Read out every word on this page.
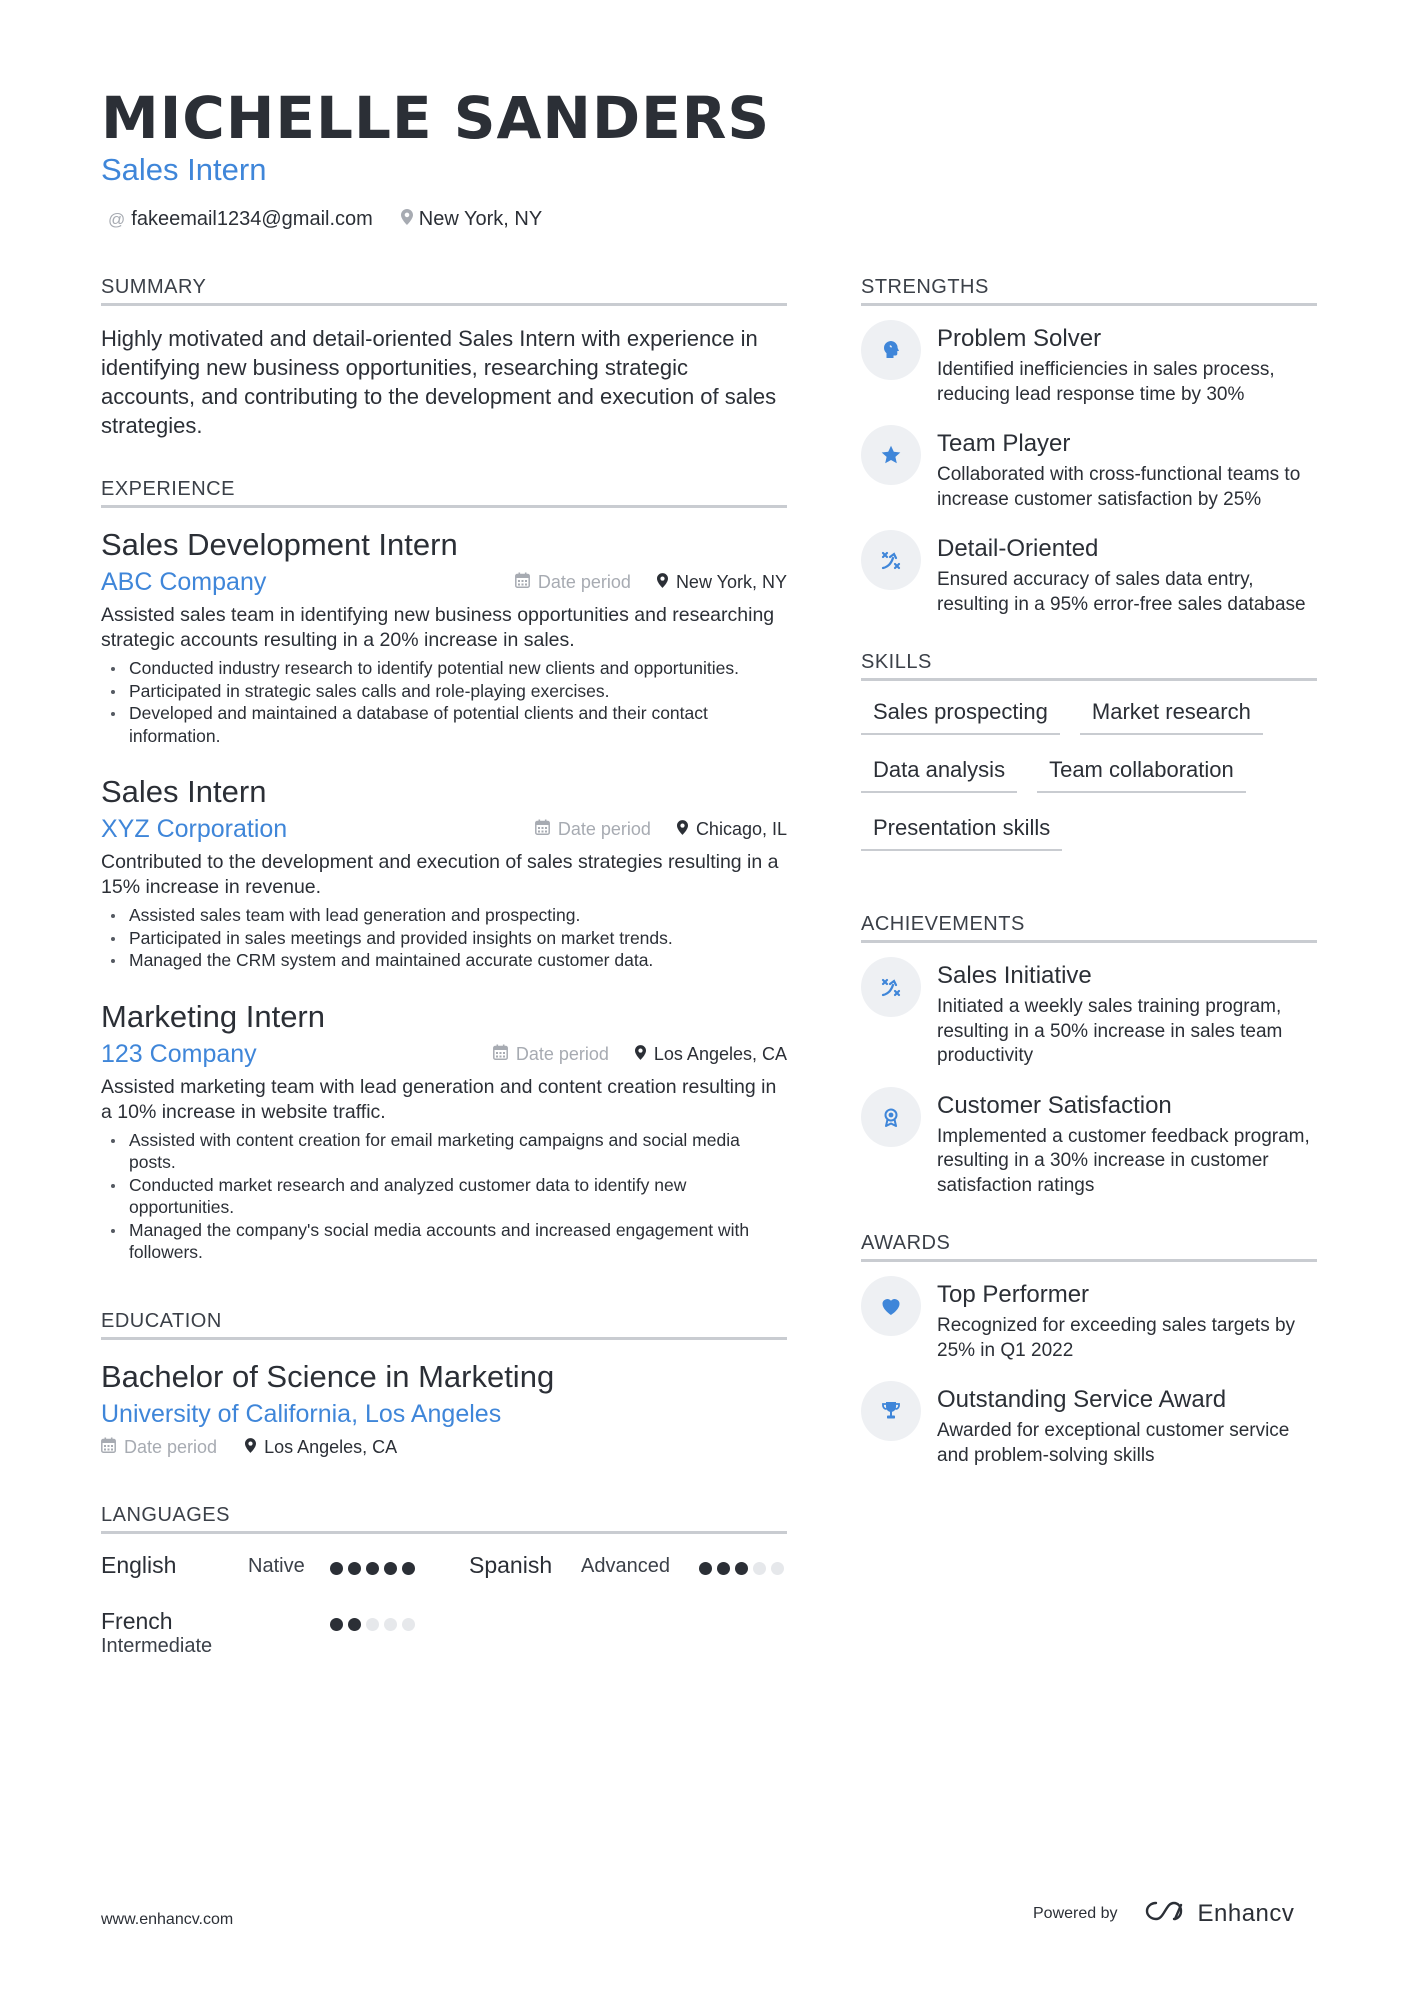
MICHELLE SANDERS
Sales Intern
@ fakeemail1234@gmail.com New York, NY
SUMMARY
Highly motivated and detail-oriented Sales Intern with experience in identifying new business opportunities, researching strategic accounts, and contributing to the development and execution of sales strategies.
EXPERIENCE
Sales Development Intern
ABC Company	Date period	New York, NY
Assisted sales team in identifying new business opportunities and researching strategic accounts resulting in a 20% increase in sales.
Conducted industry research to identify potential new clients and opportunities.
Participated in strategic sales calls and role-playing exercises.
Developed and maintained a database of potential clients and their contact information.
Sales Intern
XYZ Corporation	Date period	Chicago, IL
Contributed to the development and execution of sales strategies resulting in a 15% increase in revenue.
Assisted sales team with lead generation and prospecting.
Participated in sales meetings and provided insights on market trends.
Managed the CRM system and maintained accurate customer data.
Marketing Intern
123 Company	Date period	Los Angeles, CA
Assisted marketing team with lead generation and content creation resulting in a 10% increase in website traffic.
Assisted with content creation for email marketing campaigns and social media posts.
Conducted market research and analyzed customer data to identify new opportunities.
Managed the company's social media accounts and increased engagement with followers.
EDUCATION
Bachelor of Science in Marketing
University of California, Los Angeles
Date period	Los Angeles, CA
LANGUAGES
English	Native	Spanish Advanced
French
Intermediate
STRENGTHS
Problem Solver
Identified inefficiencies in sales process, reducing lead response time by 30%
Team Player
Collaborated with cross-functional teams to increase customer satisfaction by 25%
Detail-Oriented
Ensured accuracy of sales data entry, resulting in a 95% error-free sales database
SKILLS
Sales prospecting	Market research
Data analysis	Team collaboration
Presentation skills
ACHIEVEMENTS
Sales Initiative
Initiated a weekly sales training program, resulting in a 50% increase in sales team productivity
Customer Satisfaction
Implemented a customer feedback program, resulting in a 30% increase in customer satisfaction ratings
AWARDS
Top Performer
Recognized for exceeding sales targets by 25% in Q1 2022
Outstanding Service Award
Awarded for exceptional customer service and problem-solving skills
www.enhancv.com	Powered by	Enhancv
